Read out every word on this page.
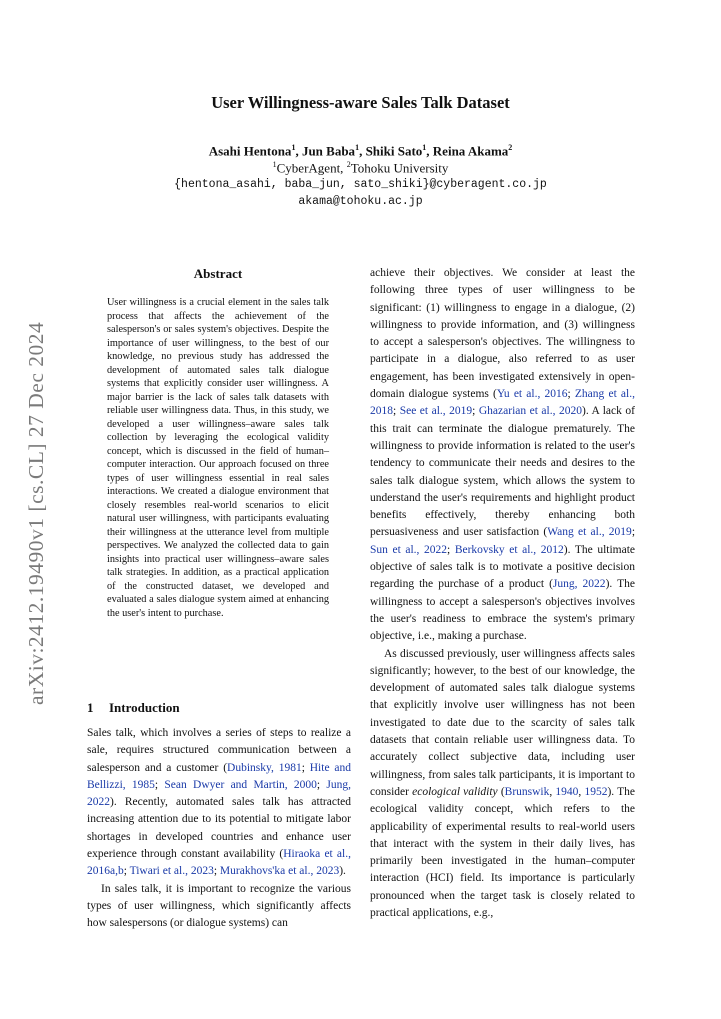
arXiv:2412.19490v1 [cs.CL] 27 Dec 2024
User Willingness-aware Sales Talk Dataset
Asahi Hentona$^1$, Jun Baba$^1$, Shiki Sato$^1$, Reina Akama$^2$
$^1$CyberAgent, $^2$Tohoku University
{hentona_asahi, baba_jun, sato_shiki}@cyberagent.co.jp
akama@tohoku.ac.jp
Abstract
User willingness is a crucial element in the sales talk process that affects the achievement of the salesperson's or sales system's objectives. Despite the importance of user willingness, to the best of our knowledge, no previous study has addressed the development of automated sales talk dialogue systems that explicitly consider user willingness. A major barrier is the lack of sales talk datasets with reliable user willingness data. Thus, in this study, we developed a user willingness–aware sales talk collection by leveraging the ecological validity concept, which is discussed in the field of human–computer interaction. Our approach focused on three types of user willingness essential in real sales interactions. We created a dialogue environment that closely resembles real-world scenarios to elicit natural user willingness, with participants evaluating their willingness at the utterance level from multiple perspectives. We analyzed the collected data to gain insights into practical user willingness–aware sales talk strategies. In addition, as a practical application of the constructed dataset, we developed and evaluated a sales dialogue system aimed at enhancing the user's intent to purchase.
1 Introduction

Sales talk, which involves a series of steps to realize a sale, requires structured communication between a salesperson and a customer (Dubinsky, 1981; Hite and Bellizzi, 1985; Sean Dwyer and Martin, 2000; Jung, 2022). Recently, automated sales talk has attracted increasing attention due to its potential to mitigate labor shortages in developed countries and enhance user experience through constant availability (Hiraoka et al., 2016a,b; Tiwari et al., 2023; Murakhovs'ka et al., 2023).

In sales talk, it is important to recognize the various types of user willingness, which significantly affects how salespersons (or dialogue systems) can

achieve their objectives. We consider at least the following three types of user willingness to be significant: (1) willingness to engage in a dialogue, (2) willingness to provide information, and (3) willingness to accept a salesperson's objectives. The willingness to participate in a dialogue, also referred to as user engagement, has been investigated extensively in open-domain dialogue systems (Yu et al., 2016; Zhang et al., 2018; See et al., 2019; Ghazarian et al., 2020). A lack of this trait can terminate the dialogue prematurely. The willingness to provide information is related to the user's tendency to communicate their needs and desires to the sales talk dialogue system, which allows the system to understand the user's requirements and highlight product benefits effectively, thereby enhancing both persuasiveness and user satisfaction (Wang et al., 2019; Sun et al., 2022; Berkovsky et al., 2012). The ultimate objective of sales talk is to motivate a positive decision regarding the purchase of a product (Jung, 2022). The willingness to accept a salesperson's objectives involves the user's readiness to embrace the system's primary objective, i.e., making a purchase.

As discussed previously, user willingness affects sales significantly; however, to the best of our knowledge, the development of automated sales talk dialogue systems that explicitly involve user willingness has not been investigated to date due to the scarcity of sales talk datasets that contain reliable user willingness data. To accurately collect subjective data, including user willingness, from sales talk participants, it is important to consider ecological validity (Brunswik, 1940, 1952). The ecological validity concept, which refers to the applicability of experimental results to real-world users that interact with the system in their daily lives, has primarily been investigated in the human–computer interaction (HCI) field. Its importance is particularly pronounced when the target task is closely related to practical applications, e.g.,
